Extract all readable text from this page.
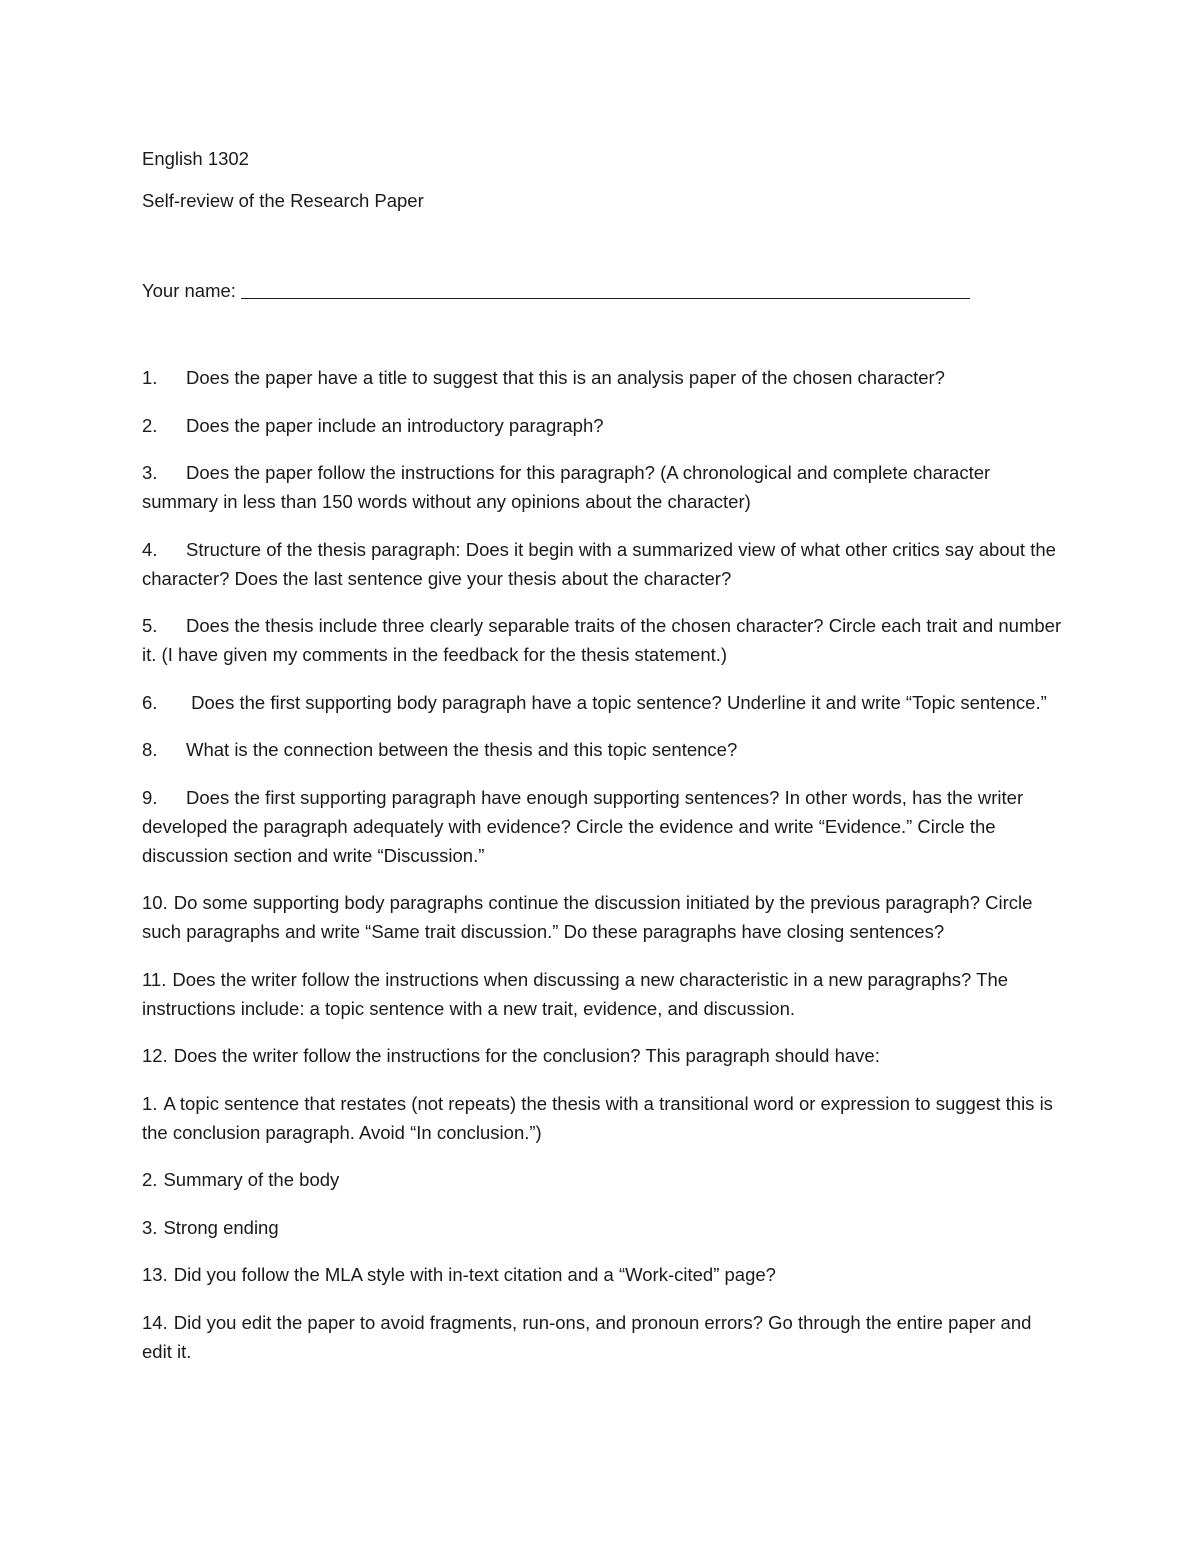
English 1302

Self-review of the Research Paper

Your name:

1. Does the paper have a title to suggest that this is an analysis paper of the chosen character?

2. Does the paper include an introductory paragraph?

3. Does the paper follow the instructions for this paragraph? (A chronological and complete character summary in less than 150 words without any opinions about the character)

4. Structure of the thesis paragraph: Does it begin with a summarized view of what other critics say about the character? Does the last sentence give your thesis about the character?

5. Does the thesis include three clearly separable traits of the chosen character? Circle each trait and number it. (I have given my comments in the feedback for the thesis statement.)

6. Does the first supporting body paragraph have a topic sentence? Underline it and write “Topic sentence.”

8. What is the connection between the thesis and this topic sentence?

9. Does the first supporting paragraph have enough supporting sentences? In other words, has the writer developed the paragraph adequately with evidence? Circle the evidence and write “Evidence.” Circle the discussion section and write “Discussion.”

10. Do some supporting body paragraphs continue the discussion initiated by the previous paragraph? Circle such paragraphs and write “Same trait discussion.” Do these paragraphs have closing sentences?

11. Does the writer follow the instructions when discussing a new characteristic in a new paragraphs? The instructions include: a topic sentence with a new trait, evidence, and discussion.

12. Does the writer follow the instructions for the conclusion? This paragraph should have:

1. A topic sentence that restates (not repeats) the thesis with a transitional word or expression to suggest this is the conclusion paragraph. Avoid “In conclusion.”)

2. Summary of the body

3. Strong ending

13. Did you follow the MLA style with in-text citation and a “Work-cited” page?

14. Did you edit the paper to avoid fragments, run-ons, and pronoun errors? Go through the entire paper and edit it.
